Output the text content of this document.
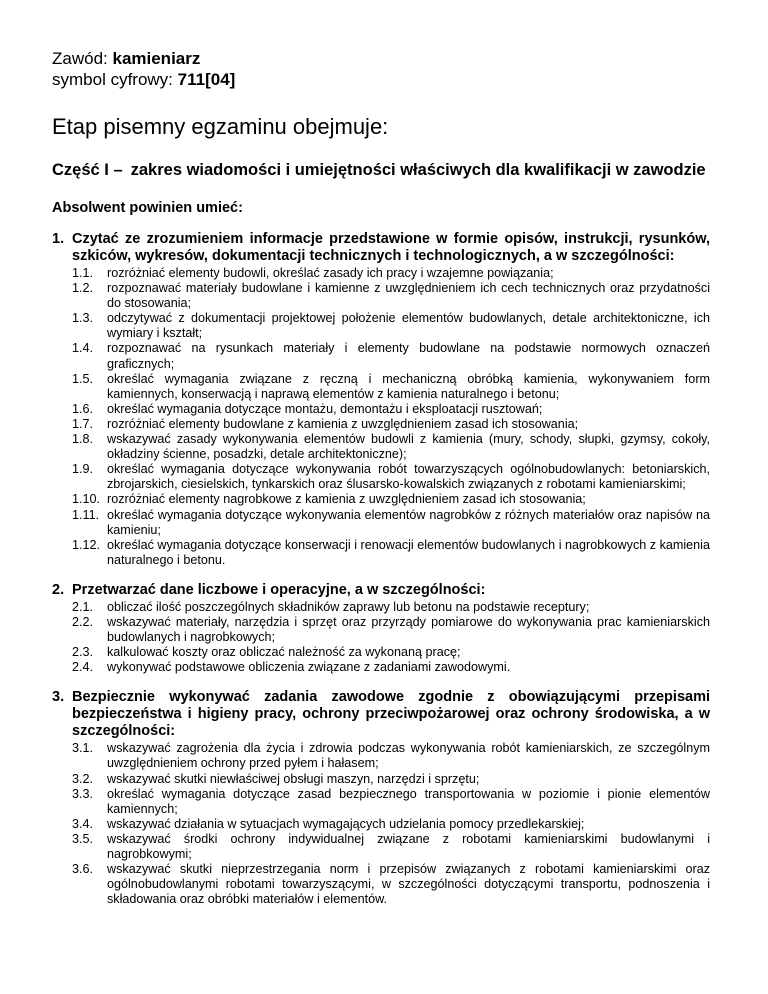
Zawód: kamieniarz
symbol cyfrowy: 711[04]
Etap pisemny egzaminu obejmuje:
Część I – zakres wiadomości i umiejętności właściwych dla kwalifikacji w zawodzie
Absolwent powinien umieć:
1. Czytać ze zrozumieniem informacje przedstawione w formie opisów, instrukcji, rysunków, szkiców, wykresów, dokumentacji technicznych i technologicznych, a w szczególności:
1.1.	rozróżniać elementy budowli, określać zasady ich pracy i wzajemne powiązania;
1.2.	rozpoznawać materiały budowlane i kamienne z uwzględnieniem ich cech technicznych oraz przydatności do stosowania;
1.3.	odczytywać z dokumentacji projektowej położenie elementów budowlanych, detale architektoniczne, ich wymiary i kształt;
1.4.	rozpoznawać na rysunkach materiały i elementy budowlane na podstawie normowych oznaczeń graficznych;
1.5.	określać wymagania związane z ręczną i mechaniczną obróbką kamienia, wykonywaniem form kamiennych, konserwacją i naprawą elementów z kamienia naturalnego i betonu;
1.6.	określać wymagania dotyczące montażu, demontażu i eksploatacji rusztowań;
1.7.	rozróżniać elementy budowlane z kamienia z uwzględnieniem zasad ich stosowania;
1.8.	wskazywać zasady wykonywania elementów budowli z kamienia (mury, schody, słupki, gzymsy, cokoły, okładziny ścienne, posadzki, detale architektoniczne);
1.9.	określać wymagania dotyczące wykonywania robót towarzyszących ogólnobudowlanych: betoniarskich, zbrojarskich, ciesielskich, tynkarskich oraz ślusarsko-kowalskich związanych z robotami kamieniarskimi;
1.10. rozróżniać elementy nagrobkowe z kamienia z uwzględnieniem zasad ich stosowania;
1.11. określać wymagania dotyczące wykonywania elementów nagrobków z różnych materiałów oraz napisów na kamieniu;
1.12. określać wymagania dotyczące konserwacji i renowacji elementów budowlanych i nagrobkowych z kamienia naturalnego i betonu.
2. Przetwarzać dane liczbowe i operacyjne, a w szczególności:
2.1.	obliczać ilość poszczególnych składników zaprawy lub betonu na podstawie receptury;
2.2.	wskazywać materiały, narzędzia i sprzęt oraz przyrządy pomiarowe do wykonywania prac kamieniarskich budowlanych i nagrobkowych;
2.3.	kalkulować koszty oraz obliczać należność za wykonaną pracę;
2.4.	wykonywać podstawowe obliczenia związane z zadaniami zawodowymi.
3. Bezpiecznie wykonywać zadania zawodowe zgodnie z obowiązującymi przepisami bezpieczeństwa i higieny pracy, ochrony przeciwpożarowej oraz ochrony środowiska, a w szczególności:
3.1.	wskazywać zagrożenia dla życia i zdrowia podczas wykonywania robót kamieniarskich, ze szczególnym uwzględnieniem ochrony przed pyłem i hałasem;
3.2.	wskazywać skutki niewłaściwej obsługi maszyn, narzędzi i sprzętu;
3.3.	określać wymagania dotyczące zasad bezpiecznego transportowania w poziomie i pionie elementów kamiennych;
3.4.	wskazywać działania w sytuacjach wymagających udzielania pomocy przedlekarskiej;
3.5.	wskazywać środki ochrony indywidualnej związane z robotami kamieniarskimi budowlanymi i nagrobkowymi;
3.6.	wskazywać skutki nieprzestrzegania norm i przepisów związanych z robotami kamieniarskimi oraz ogólnobudowlanymi robotami towarzyszącymi, w szczególności dotyczącymi transportu, podnoszenia i składowania oraz obróbki materiałów i elementów.
